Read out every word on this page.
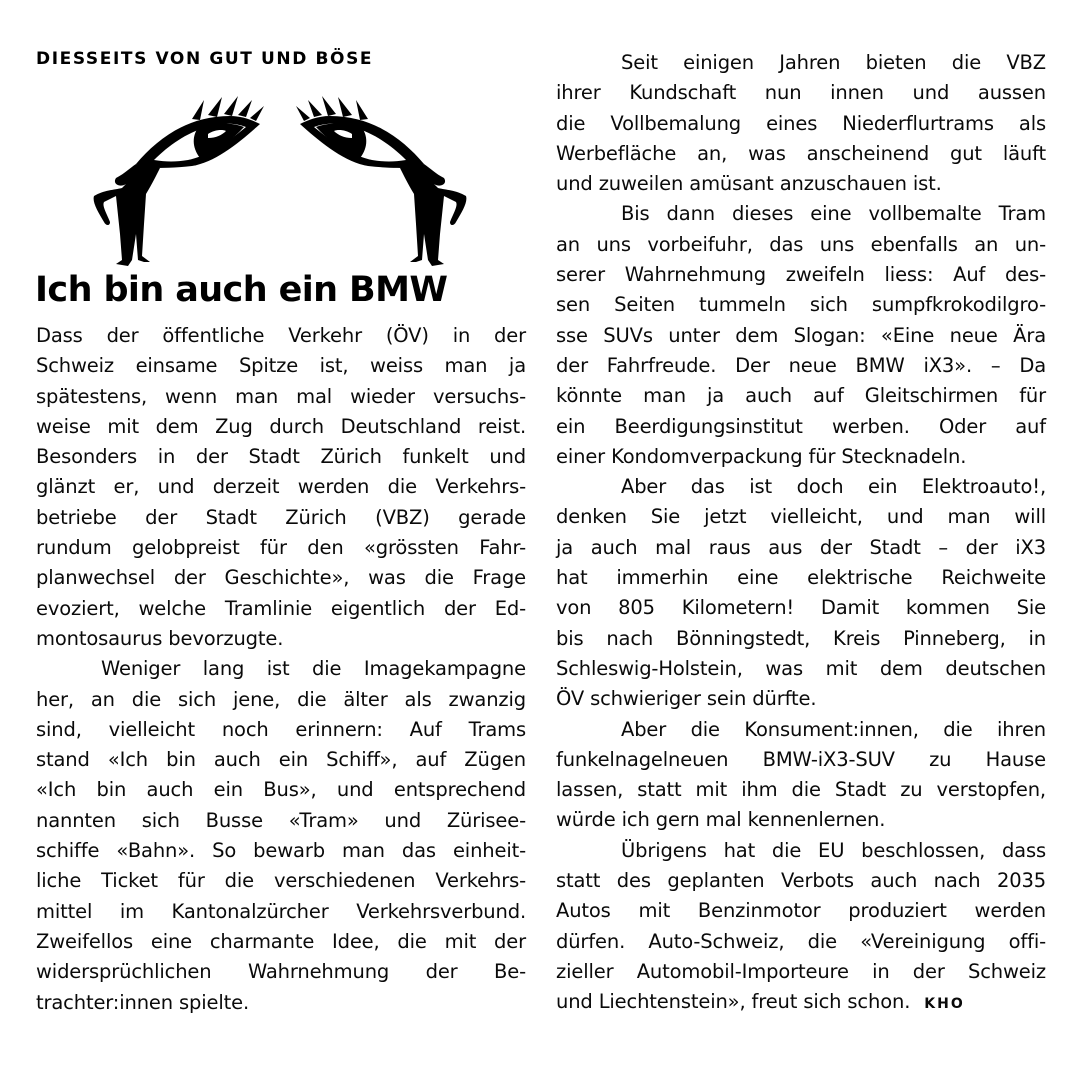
DIESSEITS VON GUT UND BÖSE
Ich bin auch ein BMW
Dass der öffentliche Verkehr (ÖV) in der
Schweiz einsame Spitze ist, weiss man ja
spätestens, wenn man mal wieder versuchs-
weise mit dem Zug durch Deutschland reist.
Besonders in der Stadt Zürich funkelt und
glänzt er, und derzeit werden die Verkehrs-
betriebe der Stadt Zürich (VBZ) gerade
rundum gelobpreist für den «grössten Fahr-
planwechsel der Geschichte», was die Frage
evoziert, welche Tramlinie eigentlich der Ed-
montosaurus bevorzugte.
Weniger lang ist die Imagekampagne
her, an die sich jene, die älter als zwanzig
sind, vielleicht noch erinnern: Auf Trams
stand «Ich bin auch ein Schiff», auf Zügen
«Ich bin auch ein Bus», und entsprechend
nannten sich Busse «Tram» und Zürisee-
schiffe «Bahn». So bewarb man das einheit-
liche Ticket für die verschiedenen Verkehrs-
mittel im Kantonalzürcher Verkehrsverbund.
Zweifellos eine charmante Idee, die mit der
widersprüchlichen Wahrnehmung der Be-
trachter:innen spielte.
Seit einigen Jahren bieten die VBZ
ihrer Kundschaft nun innen und aussen
die Vollbemalung eines Niederflurtrams als
Werbefläche an, was anscheinend gut läuft
und zuweilen amüsant anzuschauen ist.
Bis dann dieses eine vollbemalte Tram
an uns vorbeifuhr, das uns ebenfalls an un-
serer Wahrnehmung zweifeln liess: Auf des-
sen Seiten tummeln sich sumpfkrokodilgro-
sse SUVs unter dem Slogan: «Eine neue Ära
der Fahrfreude. Der neue BMW iX3». – Da
könnte man ja auch auf Gleitschirmen für
ein Beerdigungsinstitut werben. Oder auf
einer Kondomverpackung für Stecknadeln.
Aber das ist doch ein Elektroauto!,
denken Sie jetzt vielleicht, und man will
ja auch mal raus aus der Stadt – der iX3
hat immerhin eine elektrische Reichweite
von 805 Kilometern! Damit kommen Sie
bis nach Bönningstedt, Kreis Pinneberg, in
Schleswig-Holstein, was mit dem deutschen
ÖV schwieriger sein dürfte.
Aber die Konsument:innen, die ihren
funkelnagelneuen BMW-iX3-SUV zu Hause
lassen, statt mit ihm die Stadt zu verstopfen,
würde ich gern mal kennenlernen.
Übrigens hat die EU beschlossen, dass
statt des geplanten Verbots auch nach 2035
Autos mit Benzinmotor produziert werden
dürfen. Auto-Schweiz, die «Vereinigung offi-
zieller Automobil-Importeure in der Schweiz
und Liechtenstein», freut sich schon. KHO
